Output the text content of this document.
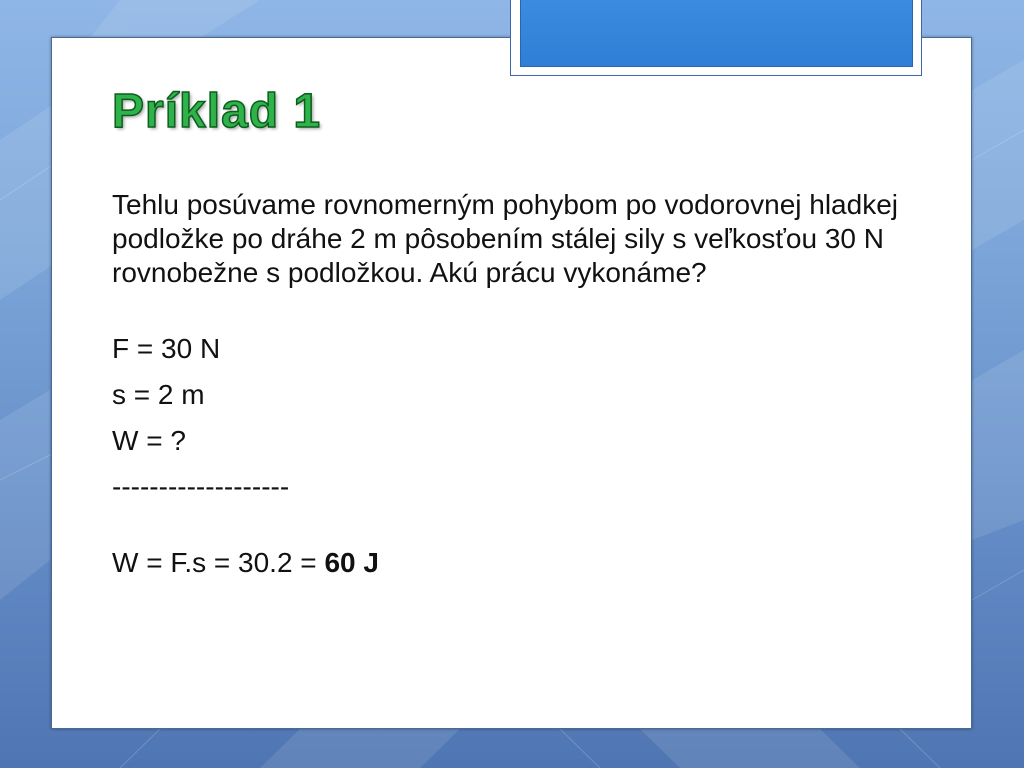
Príklad 1

Tehlu posúvame rovnomerným pohybom po vodorovnej hladkej podložke po dráhe 2 m pôsobením stálej sily s veľkosťou 30 N rovnobežne s podložkou. Akú prácu vykonáme?

F = 30 N

s = 2 m

W = ?

-------------------

W = F.s = 30.2 = 60 J
